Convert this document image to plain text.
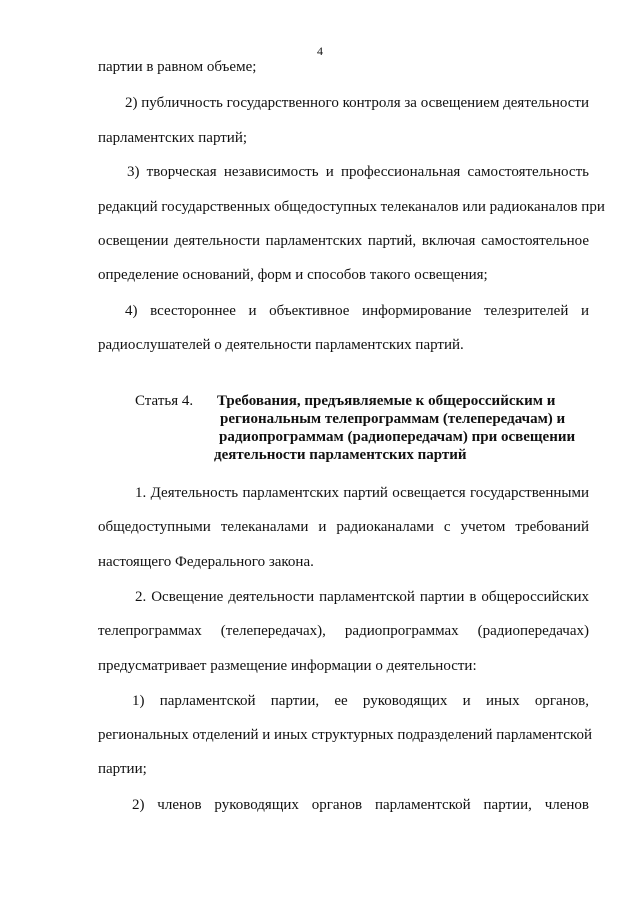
4
партии в равном объеме;
2) публичность государственного контроля за освещением деятельности
парламентских партий;
3) творческая независимость и профессиональная самостоятельность
редакций государственных общедоступных телеканалов или радиоканалов при
освещении деятельности парламентских партий, включая самостоятельное
определение оснований, форм и способов такого освещения;
4) всестороннее и объективное информирование телезрителей и
радиослушателей о деятельности парламентских партий.
Статья 4. Требования, предъявляемые к общероссийским и
региональным телепрограммам (телепередачам) и
радиопрограммам (радиопередачам) при освещении
деятельности парламентских партий
1. Деятельность парламентских партий освещается государственными
общедоступными телеканалами и радиоканалами с учетом требований
настоящего Федерального закона.
2. Освещение деятельности парламентской партии в общероссийских
телепрограммах (телепередачах), радиопрограммах (радиопередачах)
предусматривает размещение информации о деятельности:
1) парламентской партии, ее руководящих и иных органов,
региональных отделений и иных структурных подразделений парламентской
партии;
2) членов руководящих органов парламентской партии, членов
